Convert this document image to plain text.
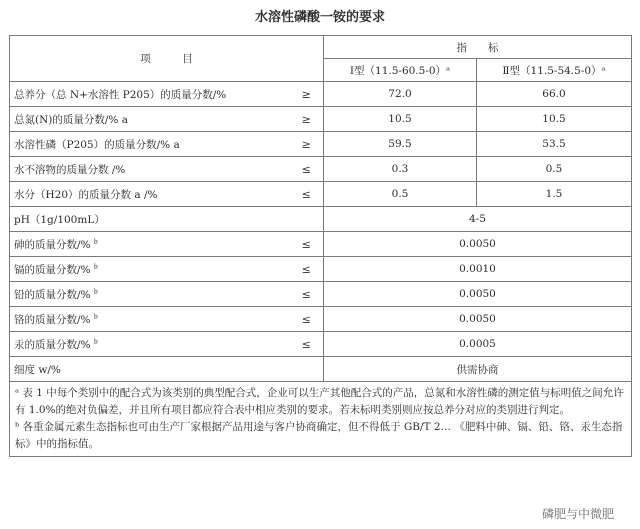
水溶性磷酸一铵的要求
项　　　目		指　　标	
		Ⅰ型（11.5-60.5-0）ᵃ	Ⅱ型（11.5-54.5-0）ᵃ
总养分（总 N+水溶性 P205）的质量分数/%	≥	72.0	66.0
总氮(N)的质量分数/% a	≥	10.5	10.5
水溶性磷（P205）的质量分数/% a	≥	59.5	53.5
水不溶物的质量分数 /%	≤	0.3	0.5
水分（H20）的质量分数 a /%	≤	0.5	1.5
pH（1g/100mL）		4-5	
砷的质量分数/% $^b$	≤	0.0050	
镉的质量分数/% $^b$	≤	0.0010	
铅的质量分数/% $^b$	≤	0.0050	
铬的质量分数/% $^b$	≤	0.0050	
汞的质量分数/% $^b$	≤	0.0005	
细度 w/%		供需协商	

ᵃ 表 1 中每个类别中的配合式为该类别的典型配合式，企业可以生产其他配合式的产品，总氮和水溶性磷的测定值与标明值之间允许有 1.0%的绝对负偏差，并且所有项目都应符合表中相应类别的要求。若未标明类别则应按总养分对应的类别进行判定。

ᵇ 各重金属元素生态指标也可由生产厂家根据产品用途与客户协商确定，但不得低于 GB/T 2… 《肥料中砷、镉、铅、铬、汞生态指标》中的指标值。			

磷肥与中微肥
